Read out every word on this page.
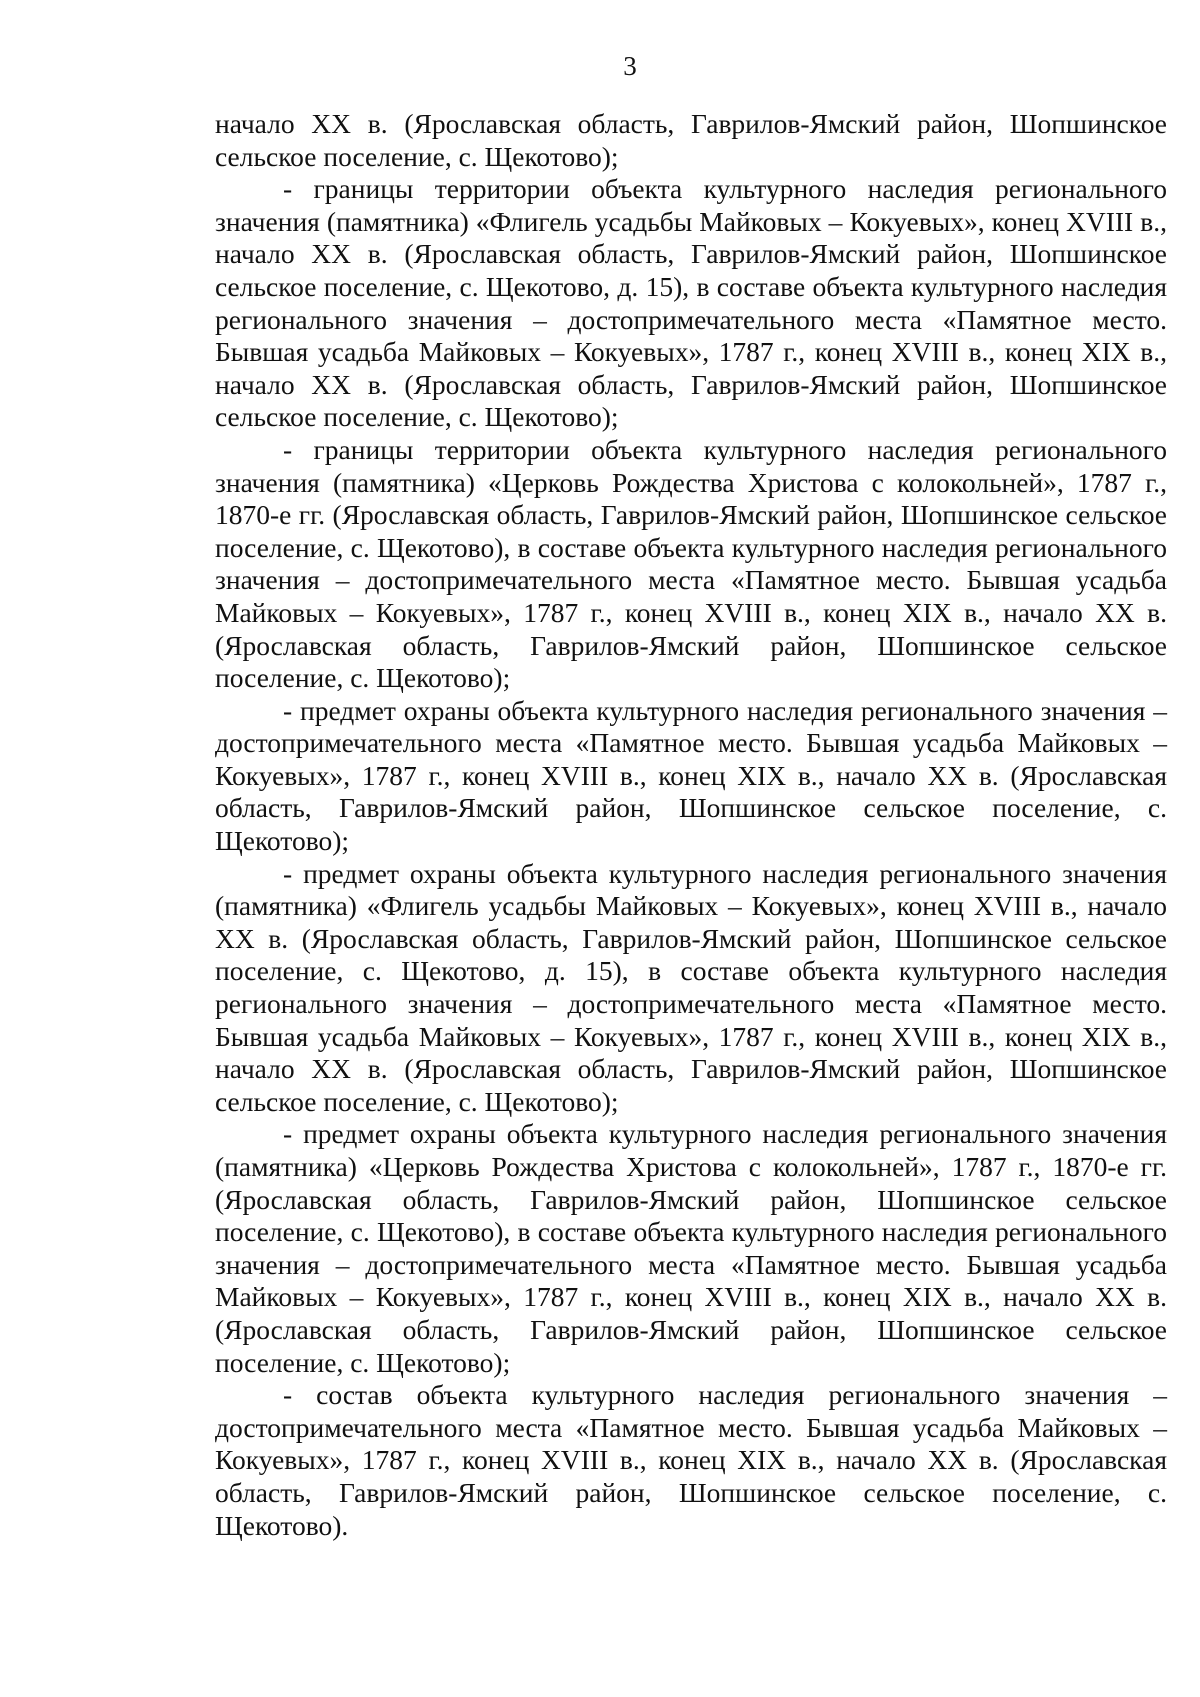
3

начало XX в. (Ярославская область, Гаврилов-Ямский район, Шопшинское сельское поселение, с. Щекотово);

- границы территории объекта культурного наследия регионального значения (памятника) «Флигель усадьбы Майковых – Кокуевых», конец XVIII в., начало XX в. (Ярославская область, Гаврилов-Ямский район, Шопшинское сельское поселение, с. Щекотово, д. 15), в составе объекта культурного наследия регионального значения – достопримечательного места «Памятное место. Бывшая усадьба Майковых – Кокуевых», 1787 г., конец XVIII в., конец XIX в., начало XX в. (Ярославская область, Гаврилов-Ямский район, Шопшинское сельское поселение, с. Щекотово);

- границы территории объекта культурного наследия регионального значения (памятника) «Церковь Рождества Христова с колокольней», 1787 г., 1870-е гг. (Ярославская область, Гаврилов-Ямский район, Шопшинское сельское поселение, с. Щекотово), в составе объекта культурного наследия регионального значения – достопримечательного места «Памятное место. Бывшая усадьба Майковых – Кокуевых», 1787 г., конец XVIII в., конец XIX в., начало XX в. (Ярославская область, Гаврилов-Ямский район, Шопшинское сельское поселение, с. Щекотово);

- предмет охраны объекта культурного наследия регионального значения – достопримечательного места «Памятное место. Бывшая усадьба Майковых – Кокуевых», 1787 г., конец XVIII в., конец XIX в., начало XX в. (Ярославская область, Гаврилов-Ямский район, Шопшинское сельское поселение, с. Щекотово);

- предмет охраны объекта культурного наследия регионального значения (памятника) «Флигель усадьбы Майковых – Кокуевых», конец XVIII в., начало XX в. (Ярославская область, Гаврилов-Ямский район, Шопшинское сельское поселение, с. Щекотово, д. 15), в составе объекта культурного наследия регионального значения – достопримечательного места «Памятное место. Бывшая усадьба Майковых – Кокуевых», 1787 г., конец XVIII в., конец XIX в., начало XX в. (Ярославская область, Гаврилов-Ямский район, Шопшинское сельское поселение, с. Щекотово);

- предмет охраны объекта культурного наследия регионального значения (памятника) «Церковь Рождества Христова с колокольней», 1787 г., 1870-е гг. (Ярославская область, Гаврилов-Ямский район, Шопшинское сельское поселение, с. Щекотово), в составе объекта культурного наследия регионального значения – достопримечательного места «Памятное место. Бывшая усадьба Майковых – Кокуевых», 1787 г., конец XVIII в., конец XIX в., начало XX в. (Ярославская область, Гаврилов-Ямский район, Шопшинское сельское поселение, с. Щекотово);

- состав объекта культурного наследия регионального значения – достопримечательного места «Памятное место. Бывшая усадьба Майковых – Кокуевых», 1787 г., конец XVIII в., конец XIX в., начало XX в. (Ярославская область, Гаврилов-Ямский район, Шопшинское сельское поселение, с. Щекотово).
